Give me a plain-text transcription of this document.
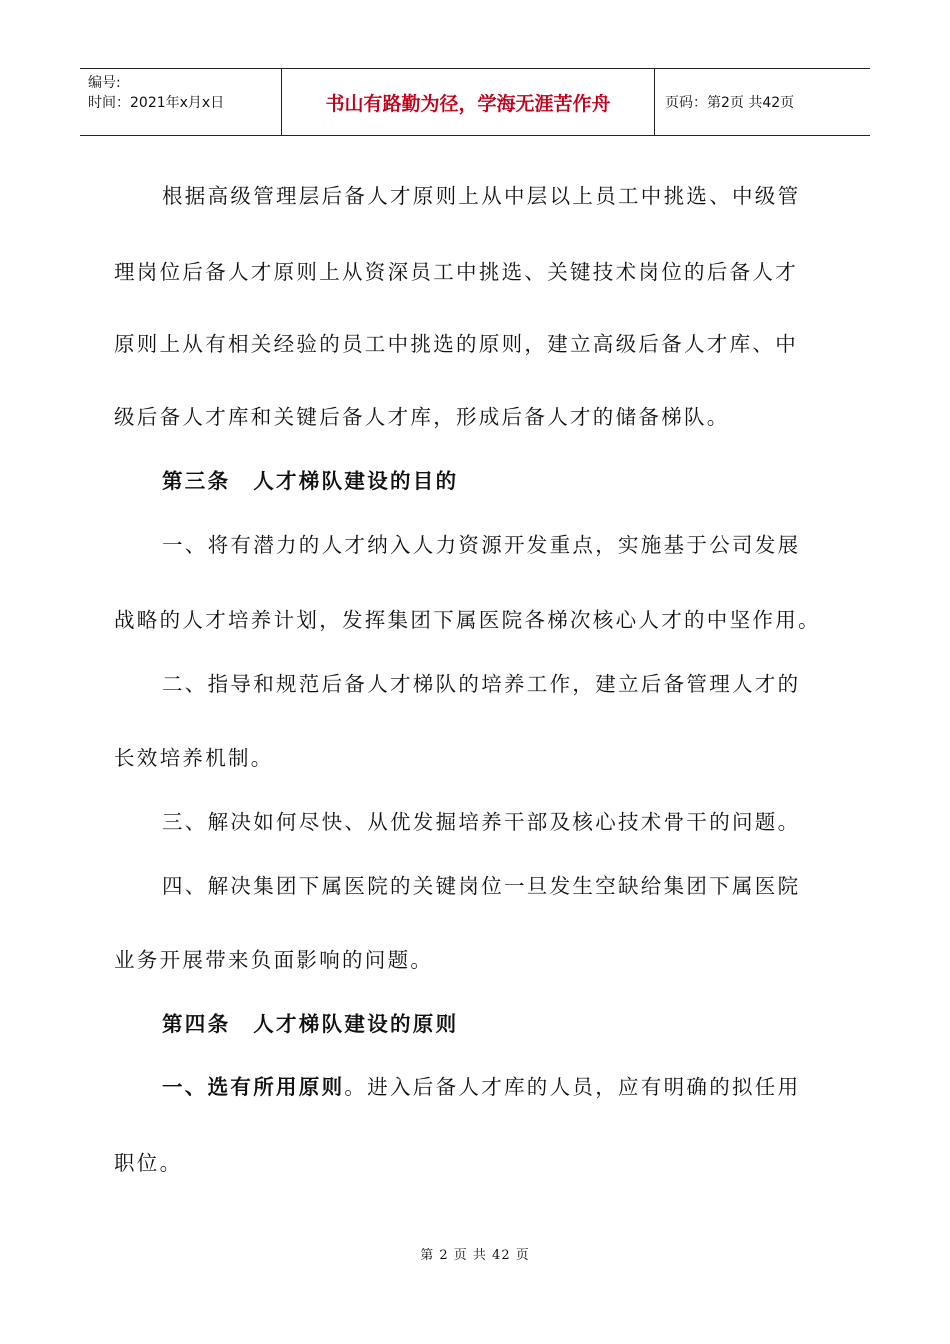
编号:
时间：2021年x月x日	书山有路勤为径，学海无涯苦作舟	页码：第2页 共42页
根据高级管理层后备人才原则上从中层以上员工中挑选、中级管
理岗位后备人才原则上从资深员工中挑选、关键技术岗位的后备人才
原则上从有相关经验的员工中挑选的原则，建立高级后备人才库、中
级后备人才库和关键后备人才库，形成后备人才的储备梯队。
第三条　人才梯队建设的目的
一、将有潜力的人才纳入人力资源开发重点，实施基于公司发展
战略的人才培养计划，发挥集团下属医院各梯次核心人才的中坚作用。
二、指导和规范后备人才梯队的培养工作，建立后备管理人才的
长效培养机制。
三、解决如何尽快、从优发掘培养干部及核心技术骨干的问题。
四、解决集团下属医院的关键岗位一旦发生空缺给集团下属医院
业务开展带来负面影响的问题。
第四条　人才梯队建设的原则
一、选有所用原则。进入后备人才库的人员，应有明确的拟任用
职位。
第 2 页 共 42 页
